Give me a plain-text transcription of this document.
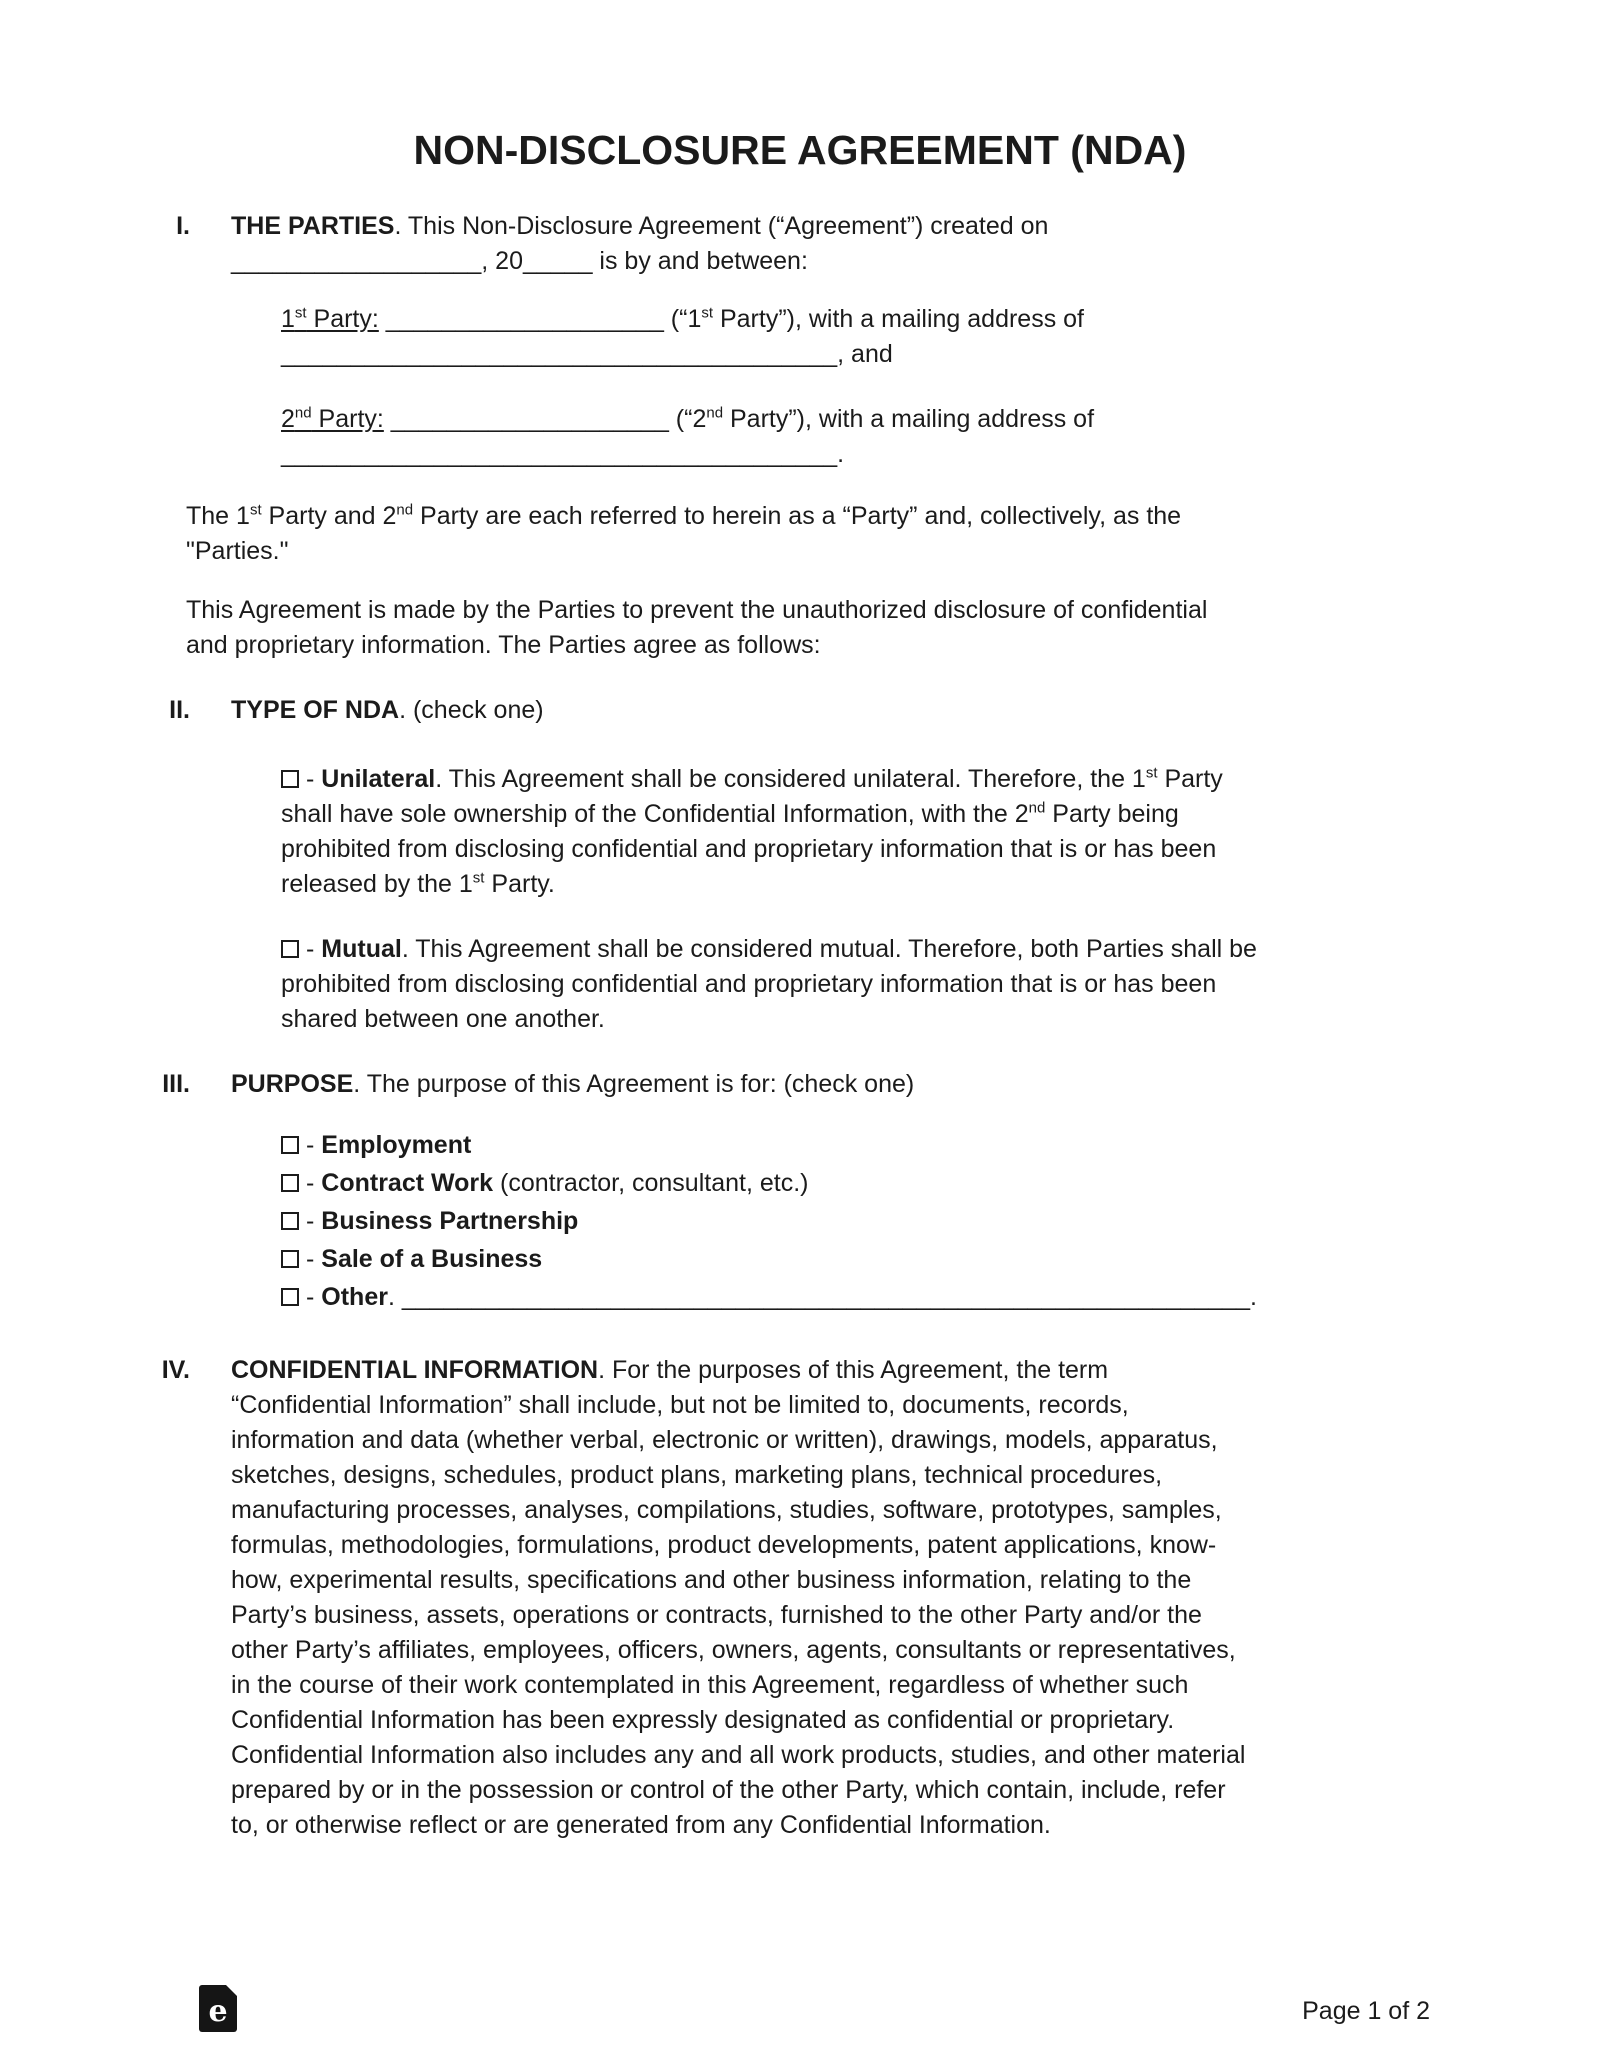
NON-DISCLOSURE AGREEMENT (NDA)
I. THE PARTIES. This Non-Disclosure Agreement (“Agreement”) created on
__________________, 20_____ is by and between:

1st Party: ____________________ (“1st Party”), with a mailing address of
________________________________________, and

2nd Party: ____________________ (“2nd Party”), with a mailing address of
________________________________________.

The 1st Party and 2nd Party are each referred to herein as a “Party” and, collectively, as the
"Parties."

This Agreement is made by the Parties to prevent the unauthorized disclosure of confidential
and proprietary information. The Parties agree as follows:

II. TYPE OF NDA. (check one)

- Unilateral. This Agreement shall be considered unilateral. Therefore, the 1st Party
shall have sole ownership of the Confidential Information, with the 2nd Party being
prohibited from disclosing confidential and proprietary information that is or has been
released by the 1st Party.

- Mutual. This Agreement shall be considered mutual. Therefore, both Parties shall be
prohibited from disclosing confidential and proprietary information that is or has been
shared between one another.

III. PURPOSE. The purpose of this Agreement is for: (check one)

- Employment

- Contract Work (contractor, consultant, etc.)

- Business Partnership

- Sale of a Business

- Other. _____________________________________________________________.

IV. CONFIDENTIAL INFORMATION. For the purposes of this Agreement, the term
“Confidential Information” shall include, but not be limited to, documents, records,
information and data (whether verbal, electronic or written), drawings, models, apparatus,
sketches, designs, schedules, product plans, marketing plans, technical procedures,
manufacturing processes, analyses, compilations, studies, software, prototypes, samples,
formulas, methodologies, formulations, product developments, patent applications, know-
how, experimental results, specifications and other business information, relating to the
Party’s business, assets, operations or contracts, furnished to the other Party and/or the
other Party’s affiliates, employees, officers, owners, agents, consultants or representatives,
in the course of their work contemplated in this Agreement, regardless of whether such
Confidential Information has been expressly designated as confidential or proprietary.
Confidential Information also includes any and all work products, studies, and other material
prepared by or in the possession or control of the other Party, which contain, include, refer
to, or otherwise reflect or are generated from any Confidential Information.

e	Page 1 of 2
